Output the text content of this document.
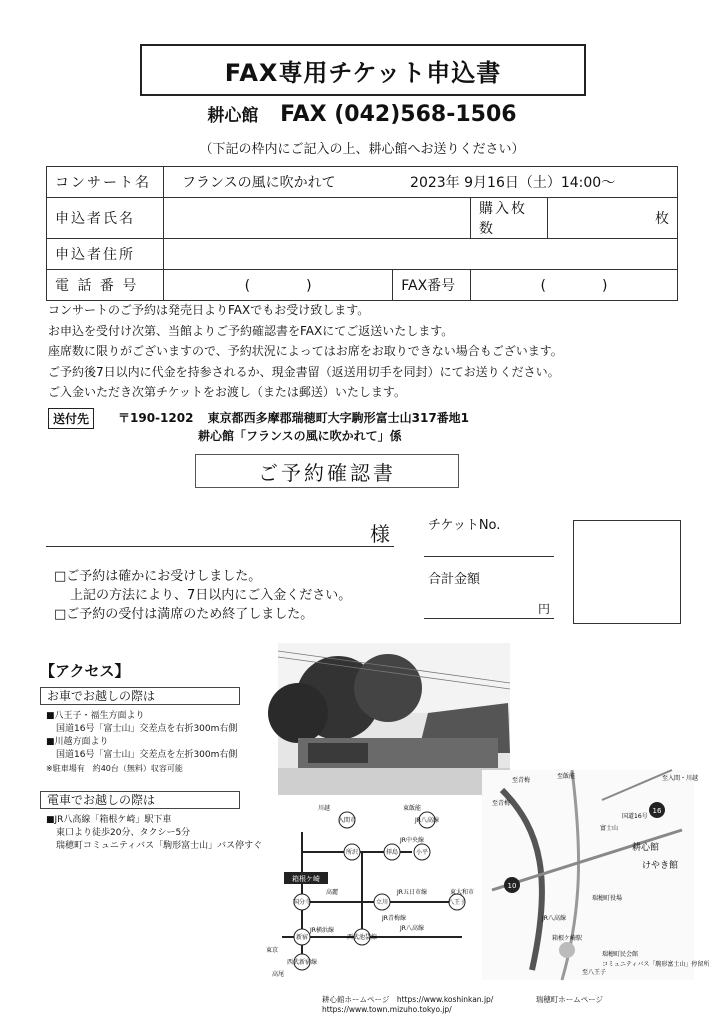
FAX専用チケット申込書
耕心館 FAX (042)568-1506
（下記の枠内にご記入の上、耕心館へお送りください）
コンサート名	フランスの風に吹かれて 2023年 9月16日（土）14:00〜			
申込者氏名			購入枚数	枚
申込者住所				
電 話 番 号	(　　　　)	FAX番号	(　　　　)	
コンサートのご予約は発売日よりFAXでもお受け致します。
お申込を受付け次第、当館よりご予約確認書をFAXにてご返送いたします。
座席数に限りがございますので、予約状況によってはお席をお取りできない場合もございます。
ご予約後7日以内に代金を持参されるか、現金書留（返送用切手を同封）にてお送りください。
ご入金いただき次第チケットをお渡し（または郵送）いたします。
送付先	〒190-1202 東京都西多摩郡瑞穂町大字駒形富士山317番地1
耕心館「フランスの風に吹かれて」係
ご予約確認書
様
□ご予約は確かにお受けしました。
上記の方法により、7日以内にご入金ください。
□ご予約の受付は満席のため終了しました。
チケットNo.
合計金額
円
【アクセス】
お車でお越しの際は
■八王子・福生方面より
国道16号「富士山」交差点を右折300m右側
■川越方面より
国道16号「富士山」交差点を左折300m右側
※駐車場有　約40台（無料）収容可能
電車でお越しの際は
■JR八高線「箱根ケ崎」駅下車
東口より徒歩20分、タクシー5分
瑞穂町コミュニティバス「駒形富士山」バス停すぐ
箱根ケ崎
高尾
JR青梅線
入間市	JR八高線
川越	東飯能
所沢	拝島	小平
国分寺	立川	八王子
新宿	西武池袋線
西武新宿線
JR中央線
JR五日市線
JR八高線
JR横浜線
高麗
東京
東大和市
16
10
至青梅
至飯能	至入間・川越
至青梅
耕心館
けやき館
富士山
国道16号
瑞穂町役場
至八王子
JR八高線
箱根ケ崎駅
瑞穂町民会館
コミュニティバス「駒形富士山」停留所
耕心館ホームページ　https://www.koshinkan.jp/	瑞穂町ホームページ　https://www.town.mizuho.tokyo.jp/
